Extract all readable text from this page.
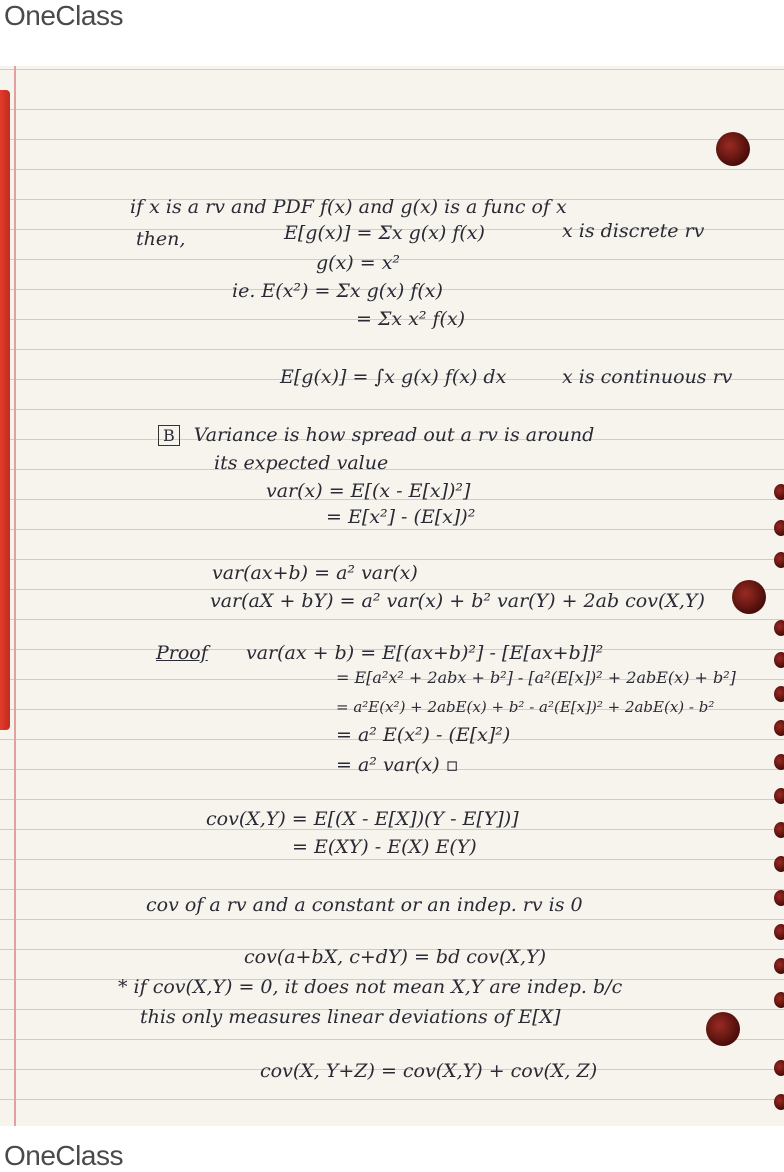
OneClass
if x is a rv and PDF f(x) and g(x) is a func of x
then,	E[g(x)] = Σx g(x) f(x)	x is discrete rv
g(x) = x²
ie. E(x²) = Σx g(x) f(x)
= Σx x² f(x)
E[g(x)] = ∫x g(x) f(x) dx	x is continuous rv
B Variance is how spread out a rv is around
its expected value
var(x) = E[(x - E[x])²]
= E[x²] - (E[x])²
var(ax+b) = a² var(x)
var(aX + bY) = a² var(x) + b² var(Y) + 2ab cov(X,Y)
Proof var(ax + b) = E[(ax+b)²] - [E[ax+b]]²
= E[a²x² + 2abx + b²] - [a²(E[x])² + 2abE(x) + b²]
= a²E(x²) + 2abE(x) + b² - a²(E[x])² + 2abE(x) - b²
= a² E(x²) - (E[x]²)
= a² var(x) ▫
cov(X,Y) = E[(X - E[X])(Y - E[Y])]
= E(XY) - E(X) E(Y)
cov of a rv and a constant or an indep. rv is 0
cov(a+bX, c+dY) = bd cov(X,Y)
* if cov(X,Y) = 0, it does not mean X,Y are indep. b/c
this only measures linear deviations of E[X]
cov(X, Y+Z) = cov(X,Y) + cov(X, Z)
OneClass
